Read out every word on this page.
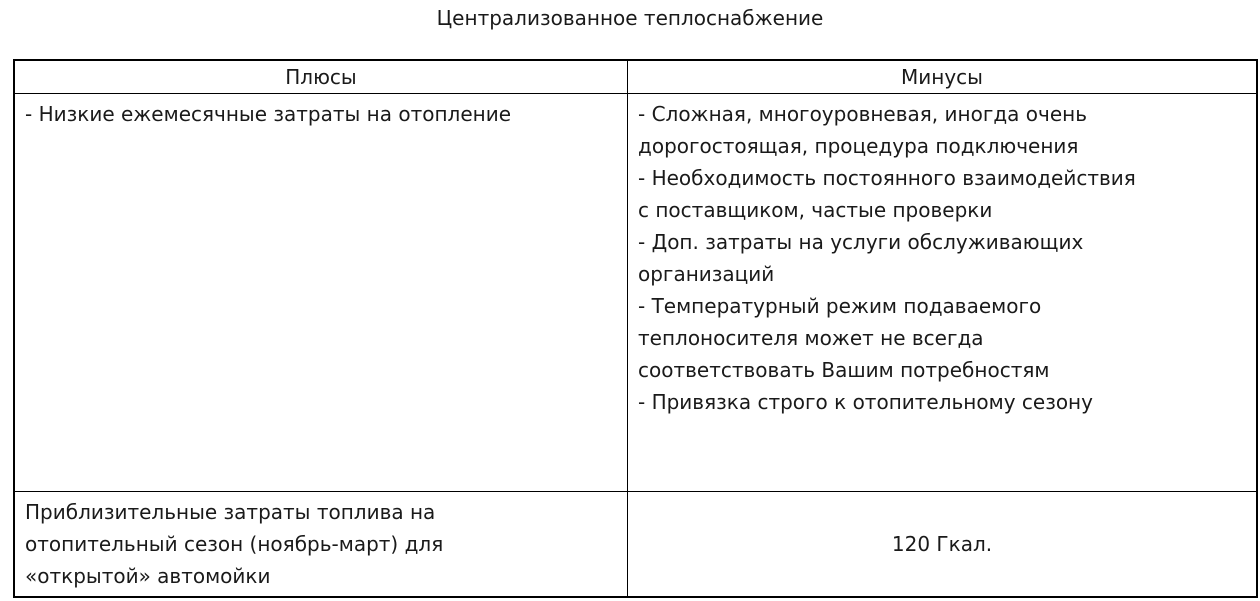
Централизованное теплоснабжение
Плюсы	Минусы
- Низкие ежемесячные затраты на отопление	- Сложная, многоуровневая, иногда очень
дорогостоящая, процедура подключения
- Необходимость постоянного взаимодействия
с поставщиком, частые проверки
- Доп. затраты на услуги обслуживающих
организаций
- Температурный режим подаваемого
теплоносителя может не всегда
соответствовать Вашим потребностям
- Привязка строго к отопительному сезону
Приблизительные затраты топлива на
отопительный сезон (ноябрь-март) для
«открытой» автомойки
120 Гкал.
